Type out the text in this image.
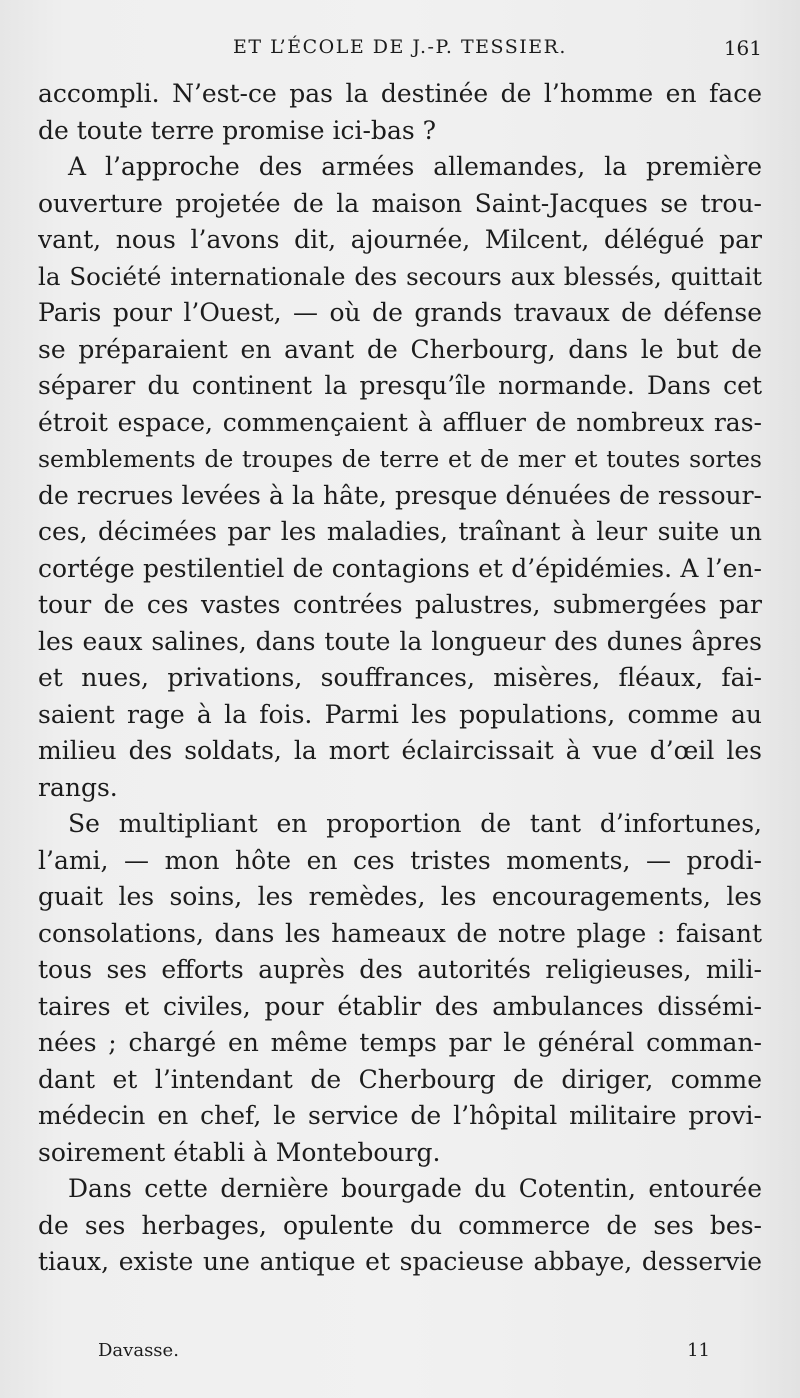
ET L’ÉCOLE DE J.-P. TESSIER.	161
accompli. N’est-ce pas la destinée de l’homme en face
de toute terre promise ici-bas ?
A l’approche des armées allemandes, la première
ouverture projetée de la maison Saint-Jacques se trou-
vant, nous l’avons dit, ajournée, Milcent, délégué par
la Société internationale des secours aux blessés, quittait
Paris pour l’Ouest, — où de grands travaux de défense
se préparaient en avant de Cherbourg, dans le but de
séparer du continent la presqu’île normande. Dans cet
étroit espace, commençaient à affluer de nombreux ras-
semblements de troupes de terre et de mer et toutes sortes
de recrues levées à la hâte, presque dénuées de ressour-
ces, décimées par les maladies, traînant à leur suite un
cortége pestilentiel de contagions et d’épidémies. A l’en-
tour de ces vastes contrées palustres, submergées par
les eaux salines, dans toute la longueur des dunes âpres
et nues, privations, souffrances, misères, fléaux, fai-
saient rage à la fois. Parmi les populations, comme au
milieu des soldats, la mort éclaircissait à vue d’œil les
rangs.
Se multipliant en proportion de tant d’infortunes,
l’ami, — mon hôte en ces tristes moments, — prodi-
guait les soins, les remèdes, les encouragements, les
consolations, dans les hameaux de notre plage : faisant
tous ses efforts auprès des autorités religieuses, mili-
taires et civiles, pour établir des ambulances dissémi-
nées ; chargé en même temps par le général comman-
dant et l’intendant de Cherbourg de diriger, comme
médecin en chef, le service de l’hôpital militaire provi-
soirement établi à Montebourg.
Dans cette dernière bourgade du Cotentin, entourée
de ses herbages, opulente du commerce de ses bes-
tiaux, existe une antique et spacieuse abbaye, desservie
Davasse.	11
